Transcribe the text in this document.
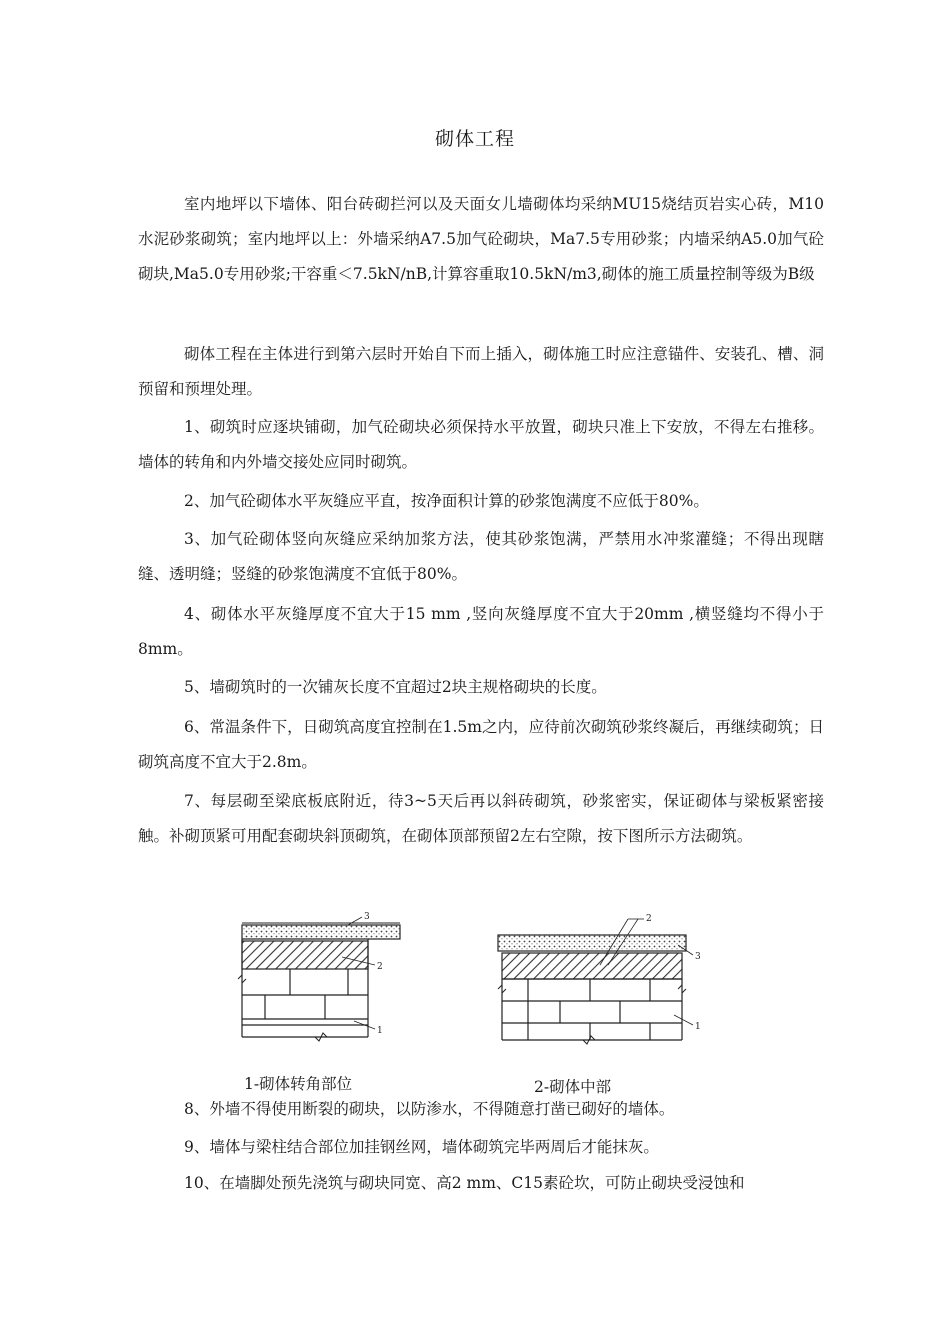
砌体工程

室内地坪以下墙体、阳台砖砌拦河以及天面女儿墙砌体均采纳MU15烧结页岩实心砖，M10水泥砂浆砌筑；室内地坪以上：外墙采纳A7.5加气砼砌块，Ma7.5专用砂浆；内墙采纳A5.0加气砼砌块,Ma5.0专用砂浆;干容重＜7.5kN/nB,计算容重取10.5kN/m3,砌体的施工质量控制等级为B级

砌体工程在主体进行到第六层时开始自下而上插入，砌体施工时应注意锚件、安装孔、槽、洞预留和预埋处理。

1、砌筑时应逐块铺砌，加气砼砌块必须保持水平放置，砌块只准上下安放，不得左右推移。墙体的转角和内外墙交接处应同时砌筑。

2、加气砼砌体水平灰缝应平直，按净面积计算的砂浆饱满度不应低于80%。

3、加气砼砌体竖向灰缝应采纳加浆方法，使其砂浆饱满，严禁用水冲浆灌缝；不得出现瞎缝、透明缝；竖缝的砂浆饱满度不宜低于80%。

4、砌体水平灰缝厚度不宜大于15 mm ,竖向灰缝厚度不宜大于20mm ,横竖缝均不得小于8mm。

5、墙砌筑时的一次铺灰长度不宜超过2块主规格砌块的长度。

6、常温条件下，日砌筑高度宜控制在1.5m之内，应待前次砌筑砂浆终凝后，再继续砌筑；日砌筑高度不宜大于2.8m。

7、每层砌至梁底板底附近，待3~5天后再以斜砖砌筑，砂浆密实，保证砌体与梁板紧密接触。补砌顶紧可用配套砌块斜顶砌筑，在砌体顶部预留2左右空隙，按下图所示方法砌筑。

3
2
1
2
3
1
1-砌体转角部位	2-砌体中部

8、外墙不得使用断裂的砌块，以防渗水，不得随意打凿已砌好的墙体。

9、墙体与梁柱结合部位加挂钢丝网，墙体砌筑完毕两周后才能抹灰。

10、在墙脚处预先浇筑与砌块同宽、高2 mm、C15素砼坎，可防止砌块受浸蚀和
